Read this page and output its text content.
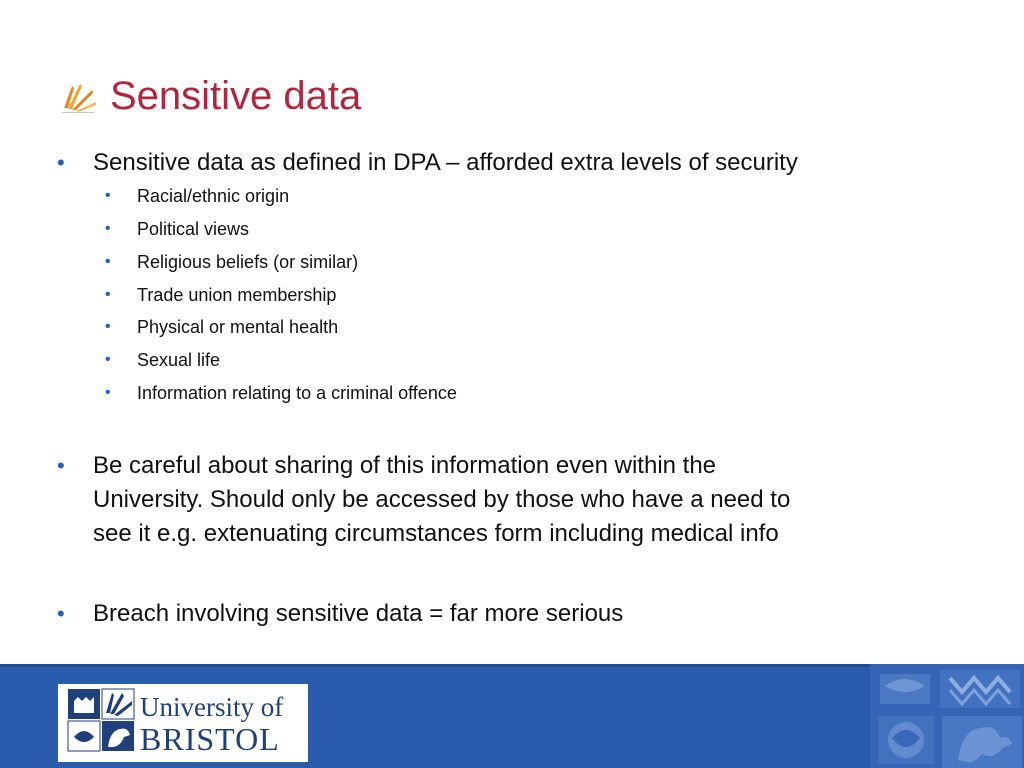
Sensitive data
• Sensitive data as defined in DPA – afforded extra levels of security
• Racial/ethnic origin
• Political views
• Religious beliefs (or similar)
• Trade union membership
• Physical or mental health
• Sexual life
• Information relating to a criminal offence
• Be careful about sharing of this information even within the
University. Should only be accessed by those who have a need to
see it e.g. extenuating circumstances form including medical info
• Breach involving sensitive data = far more serious
University of
BRISTOL
